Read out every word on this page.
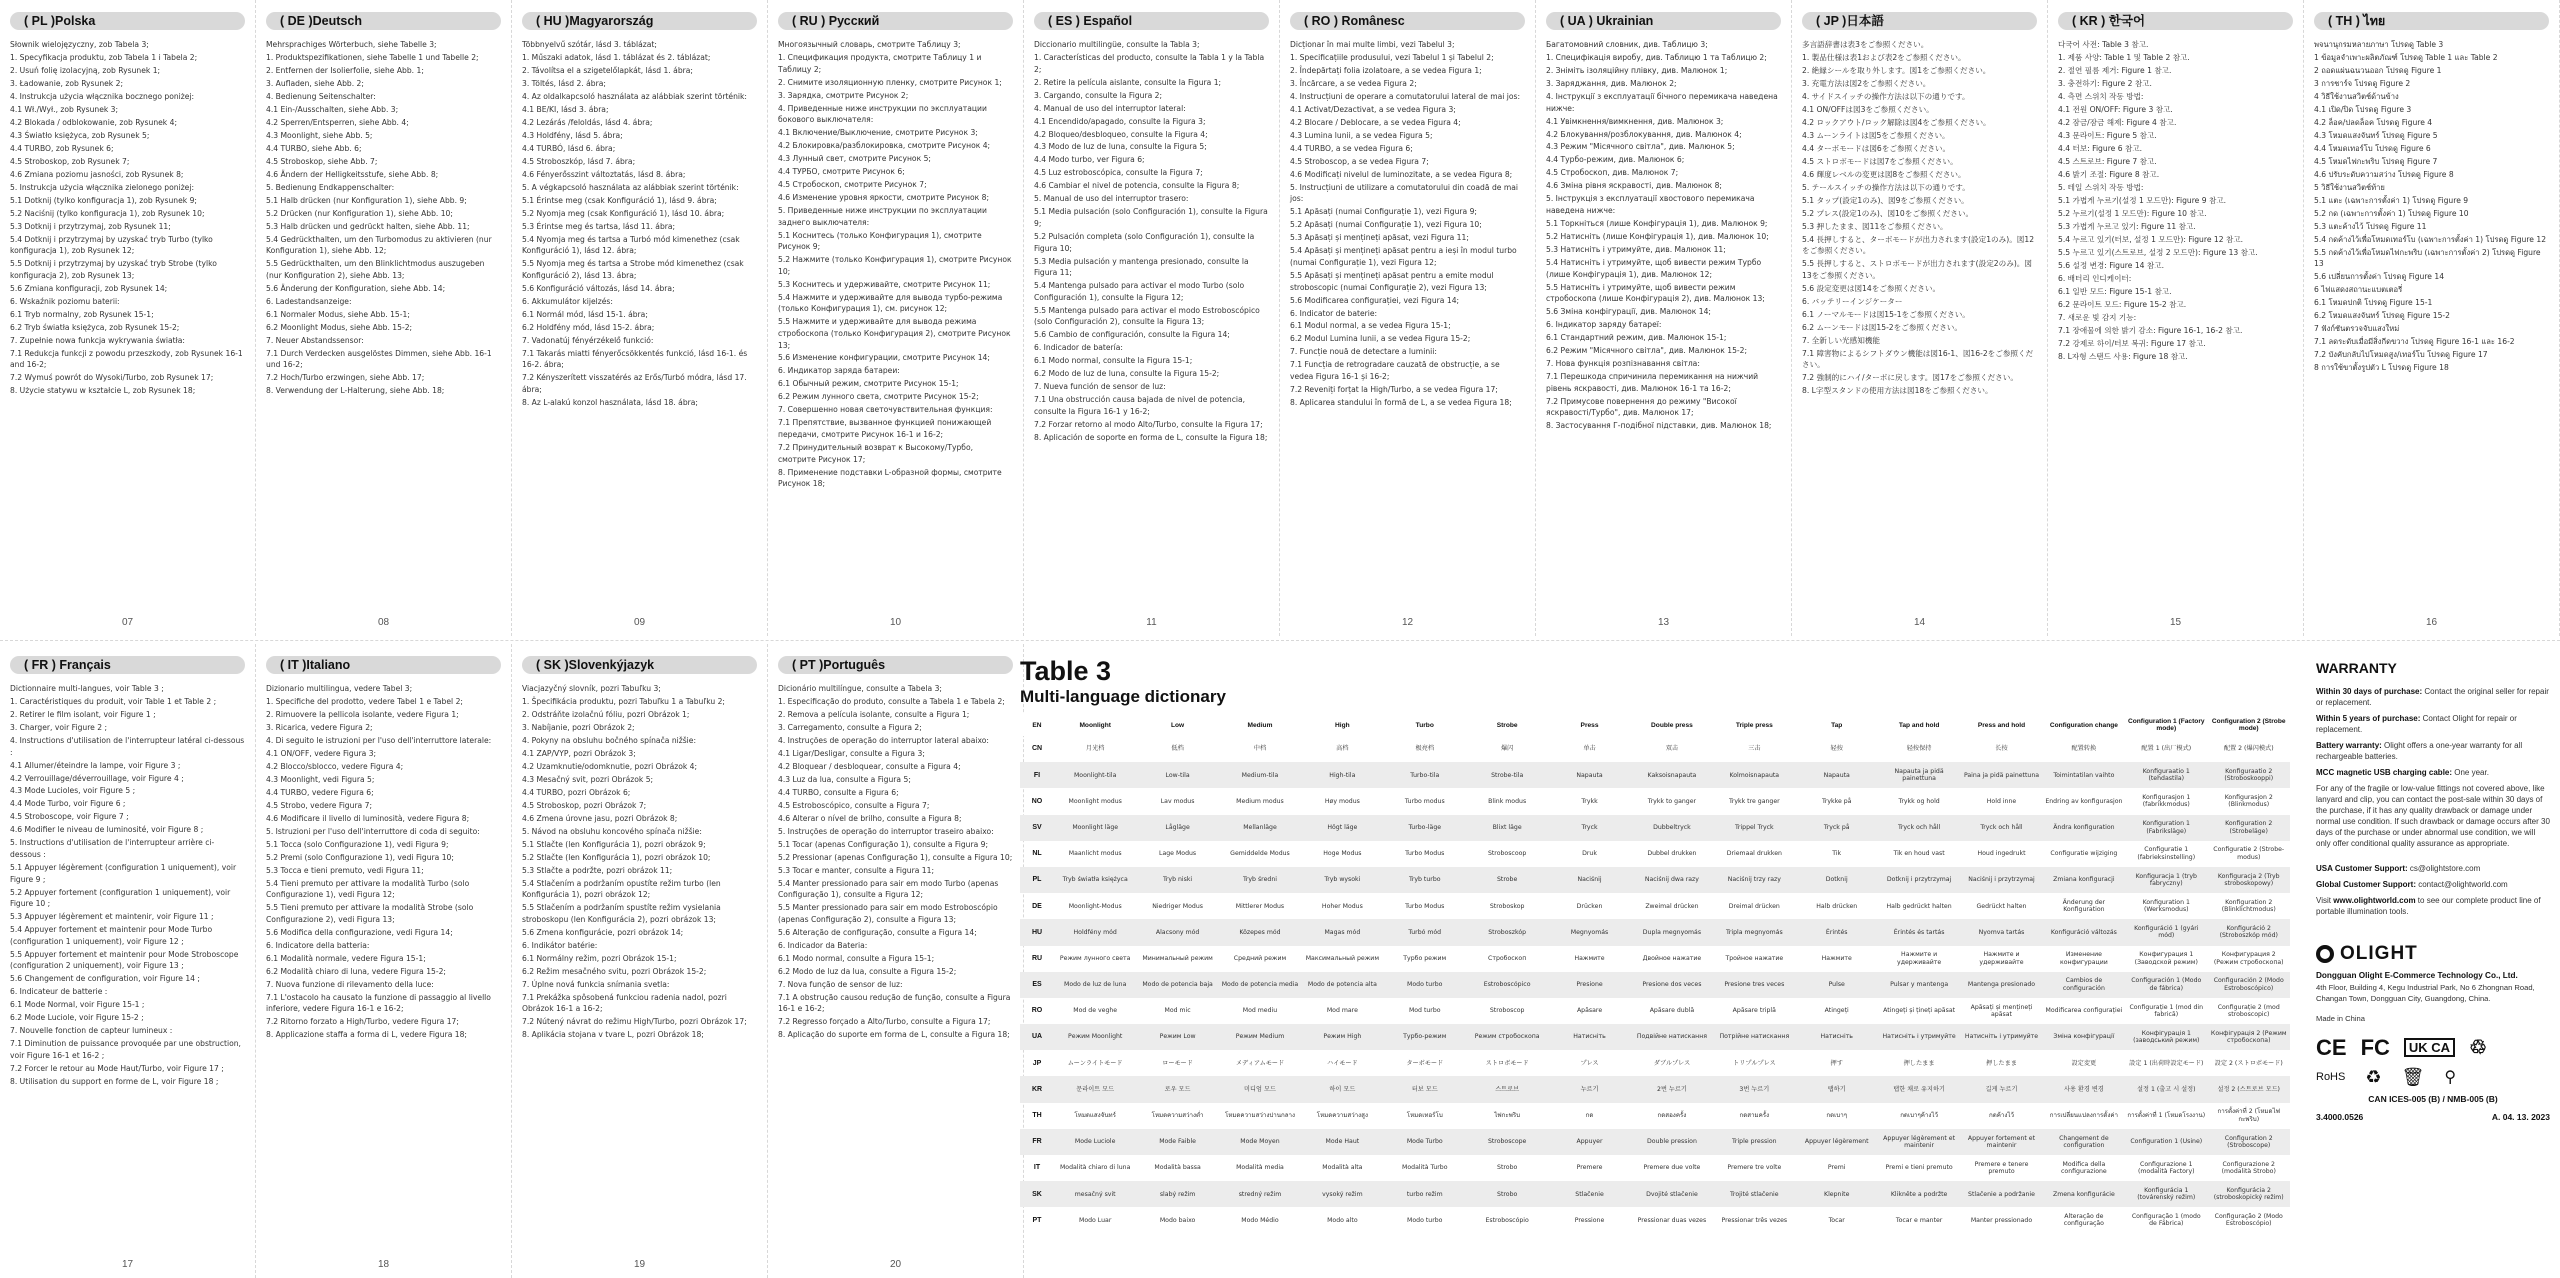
( PL )Polska

Słownik wielojęzyczny, zob Tabela 3;

1. Specyfikacja produktu, zob Tabela 1 i Tabela 2;

2. Usuń folię izolacyjną, zob Rysunek 1;

3. Ładowanie, zob Rysunek 2;

4. Instrukcja użycia włącznika bocznego poniżej:

4.1 Wł./Wył., zob Rysunek 3;

4.2 Blokada / odblokowanie, zob Rysunek 4;

4.3 Światło księżyca, zob Rysunek 5;

4.4 TURBO, zob Rysunek 6;

4.5 Stroboskop, zob Rysunek 7;

4.6 Zmiana poziomu jasności, zob Rysunek 8;

5. Instrukcja użycia włącznika zielonego poniżej:

5.1 Dotknij (tylko konfiguracja 1), zob Rysunek 9;

5.2 Naciśnij (tylko konfiguracja 1), zob Rysunek 10;

5.3 Dotknij i przytrzymaj, zob Rysunek 11;

5.4 Dotknij i przytrzymaj by uzyskać tryb Turbo (tylko konfiguracja 1), zob Rysunek 12;

5.5 Dotknij i przytrzymaj by uzyskać tryb Strobe (tylko konfiguracja 2), zob Rysunek 13;

5.6 Zmiana konfiguracji, zob Rysunek 14;

6. Wskaźnik poziomu baterii:

6.1 Tryb normalny, zob Rysunek 15-1;

6.2 Tryb światła księżyca, zob Rysunek 15-2;

7. Zupełnie nowa funkcja wykrywania światła:

7.1 Redukcja funkcji z powodu przeszkody, zob Rysunek 16-1 and 16-2;

7.2 Wymuś powrót do Wysoki/Turbo, zob Rysunek 17;

8. Użycie statywu w kształcie L, zob Rysunek 18;

07
( DE )Deutsch

Mehrsprachiges Wörterbuch, siehe Tabelle 3;

1. Produktspezifikationen, siehe Tabelle 1 und Tabelle 2;

2. Entfernen der Isolierfolie, siehe Abb. 1;

3. Aufladen, siehe Abb. 2;

4. Bedienung Seitenschalter:

4.1 Ein-/Ausschalten, siehe Abb. 3;

4.2 Sperren/Entsperren, siehe Abb. 4;

4.3 Moonlight, siehe Abb. 5;

4.4 TURBO, siehe Abb. 6;

4.5 Stroboskop, siehe Abb. 7;

4.6 Ändern der Helligkeitsstufe, siehe Abb. 8;

5. Bedienung Endkappenschalter:

5.1 Halb drücken (nur Konfiguration 1), siehe Abb. 9;

5.2 Drücken (nur Konfiguration 1), siehe Abb. 10;

5.3 Halb drücken und gedrückt halten, siehe Abb. 11;

5.4 Gedrückthalten, um den Turbomodus zu aktivieren (nur Konfiguration 1), siehe Abb. 12;

5.5 Gedrückthalten, um den Blinklichtmodus auszugeben (nur Konfiguration 2), siehe Abb. 13;

5.6 Änderung der Konfiguration, siehe Abb. 14;

6. Ladestandsanzeige:

6.1 Normaler Modus, siehe Abb. 15-1;

6.2 Moonlight Modus, siehe Abb. 15-2;

7. Neuer Abstandssensor:

7.1 Durch Verdecken ausgelöstes Dimmen, siehe Abb. 16-1 und 16-2;

7.2 Hoch/Turbo erzwingen, siehe Abb. 17;

8. Verwendung der L-Halterung, siehe Abb. 18;

08
( HU )Magyarország

Többnyelvű szótár, lásd 3. táblázat;

1. Műszaki adatok, lásd 1. táblázat és 2. táblázat;

2. Távolítsa el a szigetelőlapkát, lásd 1. ábra;

3. Töltés, lásd 2. ábra;

4. Az oldalkapcsoló használata az alábbiak szerint történik:

4.1 BE/KI, lásd 3. ábra;

4.2 Lezárás /feloldás, lásd 4. ábra;

4.3 Holdfény, lásd 5. ábra;

4.4 TURBÓ, lásd 6. ábra;

4.5 Stroboszkóp, lásd 7. ábra;

4.6 Fényerősszint változtatás, lásd 8. ábra;

5. A végkapcsoló használata az alábbiak szerint történik:

5.1 Érintse meg (csak Konfiguráció 1), lásd 9. ábra;

5.2 Nyomja meg (csak Konfiguráció 1), lásd 10. ábra;

5.3 Érintse meg és tartsa, lásd 11. ábra;

5.4 Nyomja meg és tartsa a Turbó mód kimenethez (csak Konfiguráció 1), lásd 12. ábra;

5.5 Nyomja meg és tartsa a Strobe mód kimenethez (csak Konfiguráció 2), lásd 13. ábra;

5.6 Konfiguráció változás, lásd 14. ábra;

6. Akkumulátor kijelzés:

6.1 Normál mód, lásd 15-1. ábra;

6.2 Holdfény mód, lásd 15-2. ábra;

7. Vadonatúj fényérzékelő funkció:

7.1 Takarás miatti fényerőcsökkentés funkció, lásd 16-1. és 16-2. ábra;

7.2 Kényszerített visszatérés az Erős/Turbó módra, lásd 17. ábra;

8. Az L-alakú konzol használata, lásd 18. ábra;

09
( RU ) Русский

Многоязычный словарь, смотрите Таблицу 3;

1. Спецификация продукта, смотрите Таблицу 1 и Таблицу 2;

2. Снимите изоляционную пленку, смотрите Рисунок 1;

3. Зарядка, смотрите Рисунок 2;

4. Приведенные ниже инструкции по эксплуатации бокового выключателя:

4.1 Включение/Выключение, смотрите Рисунок 3;

4.2 Блокировка/разблокировка, смотрите Рисунок 4;

4.3 Лунный свет, смотрите Рисунок 5;

4.4 ТУРБО, смотрите Рисунок 6;

4.5 Стробоскоп, смотрите Рисунок 7;

4.6 Изменение уровня яркости, смотрите Рисунок 8;

5. Приведенные ниже инструкции по эксплуатации заднего выключателя:

5.1 Коснитесь (только Конфигурация 1), смотрите Рисунок 9;

5.2 Нажмите (только Конфигурация 1), смотрите Рисунок 10;

5.3 Коснитесь и удерживайте, смотрите Рисунок 11;

5.4 Нажмите и удерживайте для вывода турбо-режима (только Конфигурация 1), см. рисунок 12;

5.5 Нажмите и удерживайте для вывода режима стробоскопа (только Конфигурация 2), смотрите Рисунок 13;

5.6 Изменение конфигурации, смотрите Рисунок 14;

6. Индикатор заряда батареи:

6.1 Обычный режим, смотрите Рисунок 15-1;

6.2 Режим лунного света, смотрите Рисунок 15-2;

7. Совершенно новая светочувствительная функция:

7.1 Препятствие, вызванное функцией понижающей передачи, смотрите Рисунок 16-1 и 16-2;

7.2 Принудительный возврат к Высокому/Турбо, смотрите Рисунок 17;

8. Применение подставки L-образной формы, смотрите Рисунок 18;

10
( ES ) Español

Diccionario multilingüe, consulte la Tabla 3;

1. Características del producto, consulte la Tabla 1 y la Tabla 2;

2. Retire la película aislante, consulte la Figura 1;

3. Cargando, consulte la Figura 2;

4. Manual de uso del interruptor lateral:

4.1 Encendido/apagado, consulte la Figura 3;

4.2 Bloqueo/desbloqueo, consulte la Figura 4;

4.3 Modo de luz de luna, consulte la Figura 5;

4.4 Modo turbo, ver Figura 6;

4.5 Luz estroboscópica, consulte la Figura 7;

4.6 Cambiar el nivel de potencia, consulte la Figura 8;

5. Manual de uso del interruptor trasero:

5.1 Media pulsación (solo Configuración 1), consulte la Figura 9;

5.2 Pulsación completa (solo Configuración 1), consulte la Figura 10;

5.3 Media pulsación y mantenga presionado, consulte la Figura 11;

5.4 Mantenga pulsado para activar el modo Turbo (solo Configuración 1), consulte la Figura 12;

5.5 Mantenga pulsado para activar el modo Estroboscópico (solo Configuración 2), consulte la Figura 13;

5.6 Cambio de configuración, consulte la Figura 14;

6. Indicador de batería:

6.1 Modo normal, consulte la Figura 15-1;

6.2 Modo de luz de luna, consulte la Figura 15-2;

7. Nueva función de sensor de luz:

7.1 Una obstrucción causa bajada de nivel de potencia, consulte la Figura 16-1 y 16-2;

7.2 Forzar retorno al modo Alto/Turbo, consulte la Figura 17;

8. Aplicación de soporte en forma de L, consulte la Figura 18;

11
( RO ) Românesc

Dicționar în mai multe limbi, vezi Tabelul 3;

1. Specificațiile produsului, vezi Tabelul 1 și Tabelul 2;

2. Îndepărtați folia izolatoare, a se vedea Figura 1;

3. Încărcare, a se vedea Figura 2;

4. Instrucțiuni de operare a comutatorului lateral de mai jos:

4.1 Activat/Dezactivat, a se vedea Figura 3;

4.2 Blocare / Deblocare, a se vedea Figura 4;

4.3 Lumina lunii, a se vedea Figura 5;

4.4 TURBO, a se vedea Figura 6;

4.5 Stroboscop, a se vedea Figura 7;

4.6 Modificați nivelul de luminozitate, a se vedea Figura 8;

5. Instrucțiuni de utilizare a comutatorului din coadă de mai jos:

5.1 Apăsați (numai Configurație 1), vezi Figura 9;

5.2 Apăsați (numai Configurație 1), vezi Figura 10;

5.3 Apăsați și mențineți apăsat, vezi Figura 11;

5.4 Apăsați și mențineți apăsat pentru a ieși în modul turbo (numai Configurație 1), vezi Figura 12;

5.5 Apăsați și mențineți apăsat pentru a emite modul stroboscopic (numai Configurație 2), vezi Figura 13;

5.6 Modificarea configurației, vezi Figura 14;

6. Indicator de baterie:

6.1 Modul normal, a se vedea Figura 15-1;

6.2 Modul Lumina lunii, a se vedea Figura 15-2;

7. Funcție nouă de detectare a luminii:

7.1 Funcția de retrogradare cauzată de obstrucție, a se vedea Figura 16-1 și 16-2;

7.2 Reveniți forțat la High/Turbo, a se vedea Figura 17;

8. Aplicarea standului în formă de L, a se vedea Figura 18;

12
( UA ) Ukrainian

Багатомовний словник, див. Таблицю 3;

1. Специфікація виробу, див. Таблицю 1 та Таблицю 2;

2. Зніміть ізоляційну плівку, див. Малюнок 1;

3. Заряджання, див. Малюнок 2;

4. Інструкції з експлуатації бічного перемикача наведена нижче:

4.1 Увімкнення/вимкнення, див. Малюнок 3;

4.2 Блокування/розблокування, див. Малюнок 4;

4.3 Режим "Місячного світла", див. Малюнок 5;

4.4 Турбо-режим, див. Малюнок 6;

4.5 Стробоскоп, див. Малюнок 7;

4.6 Зміна рівня яскравості, див. Малюнок 8;

5. Інструкція з експлуатації хвостового перемикача наведена нижче:

5.1 Торкніться (лише Конфігурація 1), див. Малюнок 9;

5.2 Натисніть (лише Конфігурація 1), див. Малюнок 10;

5.3 Натисніть і утримуйте, див. Малюнок 11;

5.4 Натисніть і утримуйте, щоб вивести режим Турбо (лише Конфігурація 1), див. Малюнок 12;

5.5 Натисніть і утримуйте, щоб вивести режим стробоскопа (лише Конфігурація 2), див. Малюнок 13;

5.6 Зміна конфігурації, див. Малюнок 14;

6. Індикатор заряду батареї:

6.1 Стандартний режим, див. Малюнок 15-1;

6.2 Режим "Місячного світла", див. Малюнок 15-2;

7. Нова функція розпізнавання світла:

7.1 Перешкода спричинила перемикання на нижчий рівень яскравості, див. Малюнок 16-1 та 16-2;

7.2 Примусове повернення до режиму "Високої яскравості/Турбо", див. Малюнок 17;

8. Застосування Г-подібної підставки, див. Малюнок 18;

13
( JP )日本語

多言語辞書は表3をご参照ください。

1. 製品仕様は表1および表2をご参照ください。

2. 絶縁シールを取り外します。図1をご参照ください。

3. 充電方法は図2をご参照ください。

4. サイドスイッチの操作方法は以下の通りです。

4.1 ON/OFFは図3をご参照ください。

4.2 ロックアウト/ロック解除は図4をご参照ください。

4.3 ムーンライトは図5をご参照ください。

4.4 ターボモードは図6をご参照ください。

4.5 ストロボモードは図7をご参照ください。

4.6 輝度レベルの変更は図8をご参照ください。

5. テールスイッチの操作方法は以下の通りです。

5.1 タップ(設定1のみ)、図9をご参照ください。

5.2 プレス(設定1のみ)、図10をご参照ください。

5.3 押したまま、図11をご参照ください。

5.4 長押しすると、ターボモードが出力されます(設定1のみ)。図12をご参照ください。

5.5 長押しすると、ストロボモードが出力されます(設定2のみ)。図13をご参照ください。

5.6 設定変更は図14をご参照ください。

6. バッテリーインジケーター

6.1 ノーマルモードは図15-1をご参照ください。

6.2 ムーンモードは図15-2をご参照ください。

7. 全新しい光感知機能

7.1 障害物によるシフトダウン機能は図16-1、図16-2をご参照ください。

7.2 強制的にハイ/ターボに戻します。図17をご参照ください。

8. L字型スタンドの使用方法は図18をご参照ください。

14
( KR ) 한국어

다국어 사전: Table 3 참고.

1. 제품 사양: Table 1 및 Table 2 참고.

2. 절연 필름 제거: Figure 1 참고.

3. 충전하기: Figure 2 참고.

4. 측면 스위치 작동 방법:

4.1 전원 ON/OFF: Figure 3 참고.

4.2 잠금/잠금 해제: Figure 4 참고.

4.3 문라이트: Figure 5 참고.

4.4 터보: Figure 6 참고.

4.5 스트로브: Figure 7 참고.

4.6 밝기 조절: Figure 8 참고.

5. 테일 스위치 작동 방법:

5.1 가볍게 누르기(설정 1 모드만): Figure 9 참고.

5.2 누르기(설정 1 모드만): Figure 10 참고.

5.3 가볍게 누르고 있기: Figure 11 참고.

5.4 누르고 있기(터보, 설정 1 모드만): Figure 12 참고.

5.5 누르고 있기(스트로브, 설정 2 모드만): Figure 13 참고.

5.6 설정 변경: Figure 14 참고.

6. 배터리 인디케이터:

6.1 일반 모드: Figure 15-1 참고.

6.2 문라이트 모드: Figure 15-2 참고.

7. 새로운 빛 감지 기능:

7.1 장애물에 의한 밝기 감소: Figure 16-1, 16-2 참고.

7.2 강제로 하이/터보 복귀: Figure 17 참고.

8. L자형 스탠드 사용: Figure 18 참고.

15
( TH ) ไทย

พจนานุกรมหลายภาษา โปรดดู Table 3

1 ข้อมูลจำเพาะผลิตภัณฑ์ โปรดดู Table 1 และ Table 2

2 ถอดแผ่นฉนวนออก โปรดดู Figure 1

3 การชาร์จ โปรดดู Figure 2

4 วิธีใช้งานสวิตช์ด้านข้าง

4.1 เปิด/ปิด โปรดดู Figure 3

4.2 ล็อค/ปลดล็อค โปรดดู Figure 4

4.3 โหมดแสงจันทร์ โปรดดู Figure 5

4.4 โหมดเทอร์โบ โปรดดู Figure 6

4.5 โหมดไฟกะพริบ โปรดดู Figure 7

4.6 ปรับระดับความสว่าง โปรดดู Figure 8

5 วิธีใช้งานสวิตช์ท้าย

5.1 แตะ (เฉพาะการตั้งค่า 1) โปรดดู Figure 9

5.2 กด (เฉพาะการตั้งค่า 1) โปรดดู Figure 10

5.3 แตะค้างไว้ โปรดดู Figure 11

5.4 กดค้างไว้เพื่อโหมดเทอร์โบ (เฉพาะการตั้งค่า 1) โปรดดู Figure 12

5.5 กดค้างไว้เพื่อโหมดไฟกะพริบ (เฉพาะการตั้งค่า 2) โปรดดู Figure 13

5.6 เปลี่ยนการตั้งค่า โปรดดู Figure 14

6 ไฟแสดงสถานะแบตเตอรี่

6.1 โหมดปกติ โปรดดู Figure 15-1

6.2 โหมดแสงจันทร์ โปรดดู Figure 15-2

7 ฟังก์ชันตรวจจับแสงใหม่

7.1 ลดระดับเมื่อมีสิ่งกีดขวาง โปรดดู Figure 16-1 และ 16-2

7.2 บังคับกลับไปโหมดสูง/เทอร์โบ โปรดดู Figure 17

8 การใช้ขาตั้งรูปตัว L โปรดดู Figure 18

16
( FR ) Français

Dictionnaire multi-langues, voir Table 3 ;

1. Caractéristiques du produit, voir Table 1 et Table 2 ;

2. Retirer le film isolant, voir Figure 1 ;

3. Charger, voir Figure 2 ;

4. Instructions d'utilisation de l'interrupteur latéral ci-dessous :

4.1 Allumer/éteindre la lampe, voir Figure 3 ;

4.2 Verrouillage/déverrouillage, voir Figure 4 ;

4.3 Mode Lucioles, voir Figure 5 ;

4.4 Mode Turbo, voir Figure 6 ;

4.5 Stroboscope, voir Figure 7 ;

4.6 Modifier le niveau de luminosité, voir Figure 8 ;

5. Instructions d'utilisation de l'interrupteur arrière ci-dessous :

5.1 Appuyer légèrement (configuration 1 uniquement), voir Figure 9 ;

5.2 Appuyer fortement (configuration 1 uniquement), voir Figure 10 ;

5.3 Appuyer légèrement et maintenir, voir Figure 11 ;

5.4 Appuyer fortement et maintenir pour Mode Turbo (configuration 1 uniquement), voir Figure 12 ;

5.5 Appuyer fortement et maintenir pour Mode Stroboscope (configuration 2 uniquement), voir Figure 13 ;

5.6 Changement de configuration, voir Figure 14 ;

6. Indicateur de batterie :

6.1 Mode Normal, voir Figure 15-1 ;

6.2 Mode Luciole, voir Figure 15-2 ;

7. Nouvelle fonction de capteur lumineux :

7.1 Diminution de puissance provoquée par une obstruction, voir Figure 16-1 et 16-2 ;

7.2 Forcer le retour au Mode Haut/Turbo, voir Figure 17 ;

8. Utilisation du support en forme de L, voir Figure 18 ;

17
( IT )Italiano

Dizionario multilingua, vedere Tabel 3;

1. Specifiche del prodotto, vedere Tabel 1 e Tabel 2;

2. Rimuovere la pellicola isolante, vedere Figura 1;

3. Ricarica, vedere Figura 2;

4. Di seguito le istruzioni per l'uso dell'interruttore laterale:

4.1 ON/OFF, vedere Figura 3;

4.2 Blocco/sblocco, vedere Figura 4;

4.3 Moonlight, vedi Figura 5;

4.4 TURBO, vedere Figura 6;

4.5 Strobo, vedere Figura 7;

4.6 Modificare il livello di luminosità, vedere Figura 8;

5. Istruzioni per l'uso dell'interruttore di coda di seguito:

5.1 Tocca (solo Configurazione 1), vedi Figura 9;

5.2 Premi (solo Configurazione 1), vedi Figura 10;

5.3 Tocca e tieni premuto, vedi Figura 11;

5.4 Tieni premuto per attivare la modalità Turbo (solo Configurazione 1), vedi Figura 12;

5.5 Tieni premuto per attivare la modalità Strobe (solo Configurazione 2), vedi Figura 13;

5.6 Modifica della configurazione, vedi Figura 14;

6. Indicatore della batteria:

6.1 Modalità normale, vedere Figura 15-1;

6.2 Modalità chiaro di luna, vedere Figura 15-2;

7. Nuova funzione di rilevamento della luce:

7.1 L'ostacolo ha causato la funzione di passaggio al livello inferiore, vedere Figura 16-1 e 16-2;

7.2 Ritorno forzato a High/Turbo, vedere Figura 17;

8. Applicazione staffa a forma di L, vedere Figura 18;

18
( SK )Slovenkýjazyk

Viacjazyčný slovník, pozri Tabuľku 3;

1. Špecifikácia produktu, pozri Tabuľku 1 a Tabuľku 2;

2. Odstráňte izolačnú fóliu, pozri Obrázok 1;

3. Nabíjanie, pozri Obrázok 2;

4. Pokyny na obsluhu bočného spínača nižšie:

4.1 ZAP/VYP, pozri Obrázok 3;

4.2 Uzamknutie/odomknutie, pozri Obrázok 4;

4.3 Mesačný svit, pozri Obrázok 5;

4.4 TURBO, pozri Obrázok 6;

4.5 Stroboskop, pozri Obrázok 7;

4.6 Zmena úrovne jasu, pozri Obrázok 8;

5. Návod na obsluhu koncového spínača nižšie:

5.1 Stlačte (len Konfigurácia 1), pozri obrázok 9;

5.2 Stlačte (len Konfigurácia 1), pozri obrázok 10;

5.3 Stlačte a podržte, pozri obrázok 11;

5.4 Stlačením a podržaním opustíte režim turbo (len Konfigurácia 1), pozri obrázok 12;

5.5 Stlačením a podržaním spustíte režim vysielania stroboskopu (len Konfigurácia 2), pozri obrázok 13;

5.6 Zmena konfigurácie, pozri obrázok 14;

6. Indikátor batérie:

6.1 Normálny režim, pozri Obrázok 15-1;

6.2 Režim mesačného svitu, pozri Obrázok 15-2;

7. Úplne nová funkcia snímania svetla:

7.1 Prekážka spôsobená funkciou radenia nadol, pozri Obrázok 16-1 a 16-2;

7.2 Nútený návrat do režimu High/Turbo, pozri Obrázok 17;

8. Aplikácia stojana v tvare L, pozri Obrázok 18;

19
( PT )Português

Dicionário multilíngue, consulte a Tabela 3;

1. Especificação do produto, consulte a Tabela 1 e Tabela 2;

2. Remova a película isolante, consulte a Figura 1;

3. Carregamento, consulte a Figura 2;

4. Instruções de operação do interruptor lateral abaixo:

4.1 Ligar/Desligar, consulte a Figura 3;

4.2 Bloquear / desbloquear, consulte a Figura 4;

4.3 Luz da lua, consulte a Figura 5;

4.4 TURBO, consulte a Figura 6;

4.5 Estroboscópico, consulte a Figura 7;

4.6 Alterar o nível de brilho, consulte a Figura 8;

5. Instruções de operação do interruptor traseiro abaixo:

5.1 Tocar (apenas Configuração 1), consulte a Figura 9;

5.2 Pressionar (apenas Configuração 1), consulte a Figura 10;

5.3 Tocar e manter, consulte a Figura 11;

5.4 Manter pressionado para sair em modo Turbo (apenas Configuração 1), consulte a Figura 12;

5.5 Manter pressionado para sair em modo Estroboscópio (apenas Configuração 2), consulte a Figura 13;

5.6 Alteração de configuração, consulte a Figura 14;

6. Indicador da Bateria:

6.1 Modo normal, consulte a Figura 15-1;

6.2 Modo de luz da lua, consulte a Figura 15-2;

7. Nova função de sensor de luz:

7.1 A obstrução causou redução de função, consulte a Figura 16-1 e 16-2;

7.2 Regresso forçado a Alto/Turbo, consulte a Figura 17;

8. Aplicação do suporte em forma de L, consulte a Figura 18;

20
Table 3
Multi-language dictionary
EN	Moonlight	Low	Medium	High	Turbo	Strobe	Press	Double press	Triple press	Tap	Tap and hold	Press and hold	Configuration change	Configuration 1 (Factory mode)	Configuration 2 (Strobe mode)
CN	月光档	低档	中档	高档	极亮档	爆闪	单击	双击	三击	轻按	轻按保持	长按	配置转换	配置 1 (出厂模式)	配置 2 (爆闪模式)
FI	Moonlight-tila	Low-tila	Medium-tila	High-tila	Turbo-tila	Strobe-tila	Napauta	Kaksoisnapauta	Kolmoisnapauta	Napauta	Napauta ja pidä painettuna	Paina ja pidä painettuna	Toimintatilan vaihto	Konfiguraatio 1 (tehdastila)	Konfiguraatio 2 (Stroboskooppi)
NO	Moonlight modus	Lav modus	Medium modus	Høy modus	Turbo modus	Blink modus	Trykk	Trykk to ganger	Trykk tre ganger	Trykke på	Trykk og hold	Hold inne	Endring av konfigurasjon	Konfigurasjon 1 (fabrikkmodus)	Konfigurasjon 2 (Blinkmodus)
SV	Moonlight läge	Lågläge	Mellanläge	Högt läge	Turbo-läge	Blixt läge	Tryck	Dubbeltryck	Trippel Tryck	Tryck på	Tryck och håll	Tryck och håll	Ändra konfiguration	Konfiguration 1 (Fabriksläge)	Konfiguration 2 (Strobeläge)
NL	Maanlicht modus	Lage Modus	Gemiddelde Modus	Hoge Modus	Turbo Modus	Stroboscoop	Druk	Dubbel drukken	Driemaal drukken	Tik	Tik en houd vast	Houd ingedrukt	Configuratie wijziging	Configuratie 1 (fabrieksinstelling)	Configuratie 2 (Strobe-modus)
PL	Tryb światła księżyca	Tryb niski	Tryb średni	Tryb wysoki	Tryb turbo	Strobe	Naciśnij	Naciśnij dwa razy	Naciśnij trzy razy	Dotknij	Dotknij i przytrzymaj	Naciśnij i przytrzymaj	Zmiana konfiguracji	Konfiguracja 1 (tryb fabryczny)	Konfiguracja 2 (Tryb stroboskopowy)
DE	Moonlight-Modus	Niedriger Modus	Mittlerer Modus	Hoher Modus	Turbo Modus	Stroboskop	Drücken	Zweimal drücken	Dreimal drücken	Halb drücken	Halb gedrückt halten	Gedrückt halten	Änderung der Konfiguration	Konfiguration 1 (Werksmodus)	Konfiguration 2 (Blinklichtmodus)
HU	Holdfény mód	Alacsony mód	Közepes mód	Magas mód	Turbó mód	Stroboszkóp	Megnyomás	Dupla megnyomás	Tripla megnyomás	Érintés	Érintés és tartás	Nyomva tartás	Konfiguráció változás	Konfiguráció 1 (gyári mód)	Konfiguráció 2 (Stroboszkóp mód)
RU	Режим лунного света	Минимальный режим	Средний режим	Максимальный режим	Турбо режим	Стробоскоп	Нажмите	Двойное нажатие	Тройное нажатие	Нажмите	Нажмите и удерживайте	Нажмите и удерживайте	Изменение конфигурации	Конфигурация 1 (Заводской режим)	Конфигурация 2 (Режим стробоскопа)
ES	Modo de luz de luna	Modo de potencia baja	Modo de potencia media	Modo de potencia alta	Modo turbo	Estroboscópico	Presione	Presione dos veces	Presione tres veces	Pulse	Pulsar y mantenga	Mantenga presionado	Cambios de configuración	Configuración 1 (Modo de fábrica)	Configuración 2 (Modo Estroboscópico)
RO	Mod de veghe	Mod mic	Mod mediu	Mod mare	Mod turbo	Stroboscop	Apăsare	Apăsare dublă	Apăsare triplă	Atingeți	Atingeți și țineți apăsat	Apăsați și mențineți apăsat	Modificarea configurației	Configurație 1 (mod din fabrică)	Configurație 2 (mod stroboscopic)
UA	Режим Moonlight	Режим Low	Режим Medium	Режим High	Турбо-режим	Режим стробоскопа	Натисніть	Подвійне натискання	Потрійне натискання	Натисніть	Натисніть і утримуйте	Натисніть і утримуйте	Зміна конфігурації	Конфігурація 1 (заводський режим)	Конфігурація 2 (Режим стробоскопа)
JP	ムーンライトモード	ローモード	メディアムモード	ハイモード	ターボモード	ストロボモード	プレス	ダブルプレス	トリプルプレス	押す	押したまま	押したまま	設定変更	設定 1 (出荷時設定モード)	設定 2 (ストロボモード)
KR	문라이트 모드	로우 모드	미디엄 모드	하이 모드	터보 모드	스트로브	누르기	2번 누르기	3번 누르기	탭하기	탭한 채로 유지하기	길게 누르기	사용 환경 변경	설정 1 (출고 시 설정)	설정 2 (스트로브 모드)
TH	โหมดแสงจันทร์	โหมดความสว่างต่ำ	โหมดความสว่างปานกลาง	โหมดความสว่างสูง	โหมดเทอร์โบ	ไฟกะพริบ	กด	กดสองครั้ง	กดสามครั้ง	กดเบาๆ	กดเบาๆค้างไว้	กดค้างไว้	การเปลี่ยนแปลงการตั้งค่า	การตั้งค่าที่ 1 (โหมดโรงงาน)	การตั้งค่าที่ 2 (โหมดไฟกะพริบ)
FR	Mode Luciole	Mode Faible	Mode Moyen	Mode Haut	Mode Turbo	Stroboscope	Appuyer	Double pression	Triple pression	Appuyer légèrement	Appuyer légèrement et maintenir	Appuyer fortement et maintenir	Changement de configuration	Configuration 1 (Usine)	Configuration 2 (Stroboscope)
IT	Modalità chiaro di luna	Modalità bassa	Modalità media	Modalità alta	Modalità Turbo	Strobo	Premere	Premere due volte	Premere tre volte	Premi	Premi e tieni premuto	Premere e tenere premuto	Modifica della configurazione	Configurazione 1 (modalità Factory)	Configurazione 2 (modalità Strobo)
SK	mesačný svit	slabý režim	stredný režim	vysoký režim	turbo režim	Strobo	Stlačenie	Dvojité stlačenie	Trojité stlačenie	Klepnite	Klikněte a podržte	Stlačenie a podržanie	Zmena konfigurácie	Konfigurácia 1 (továrenský režim)	Konfigurácia 2 (stroboskopický režim)
PT	Modo Luar	Modo baixo	Modo Médio	Modo alto	Modo turbo	Estroboscópio	Pressione	Pressionar duas vezes	Pressionar três vezes	Tocar	Tocar e manter	Manter pressionado	Alteração de configuração	Configuração 1 (modo de Fábrica)	Configuração 2 (Modo Estroboscópio)
WARRANTY

Within 30 days of purchase: Contact the original seller for repair or replacement.

Within 5 years of purchase: Contact Olight for repair or replacement.

Battery warranty: Olight offers a one-year warranty for all rechargeable batteries.

MCC magnetic USB charging cable: One year.

For any of the fragile or low-value fittings not covered above, like lanyard and clip, you can contact the post-sale within 30 days of the purchase, if it has any quality drawback or damage under normal use condition. If such drawback or damage occurs after 30 days of the purchase or under abnormal use condition, we will only offer conditional quality assurance as appropriate.

USA Customer Support: cs@olightstore.com

Global Customer Support: contact@olightworld.com

Visit www.olightworld.com to see our complete product line of portable illumination tools.

OLIGHT
Dongguan Olight E-Commerce Technology Co., Ltd.
4th Floor, Building 4, Kegu Industrial Park, No 6 Zhongnan Road, Changan Town, Dongguan City, Guangdong, China.
Made in China
CE FC	UK CA ♲
RoHS ♻ 🗑 ⚲
CAN ICES-005 (B) / NMB-005 (B)
3.4000.0526	A. 04. 13. 2023
